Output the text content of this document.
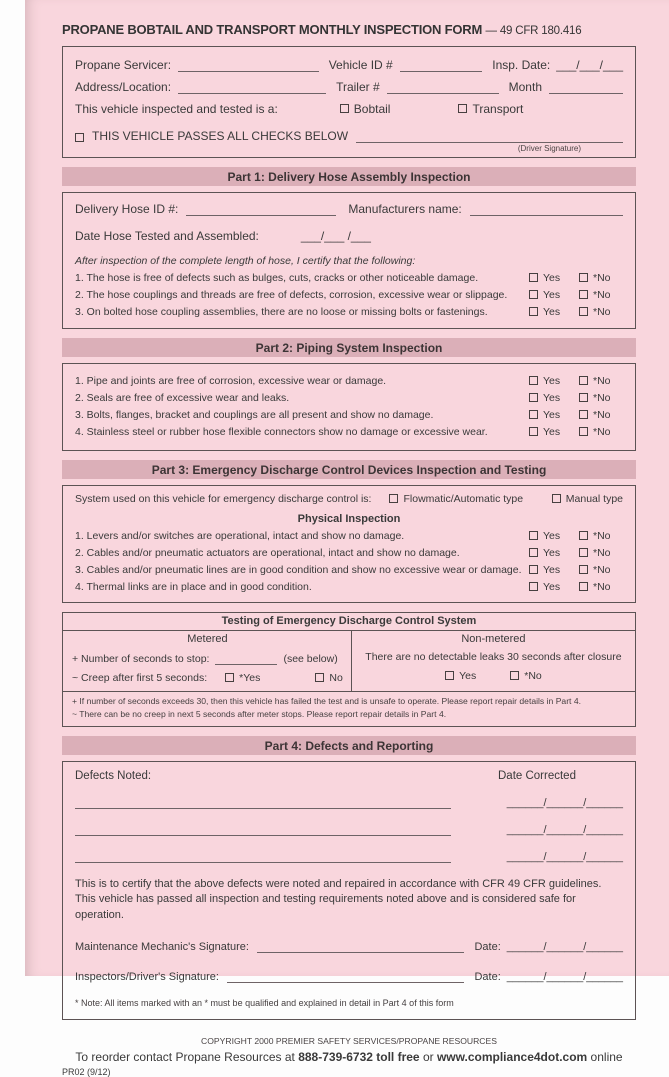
PROPANE BOBTAIL AND TRANSPORT MONTHLY INSPECTION FORM — 49 CFR 180.416
Propane Servicer:	Vehicle ID #	Insp. Date: ___/___/___
Address/Location:	Trailer #	Month
This vehicle inspected and tested is a:	Bobtail	Transport
THIS VEHICLE PASSES ALL CHECKS BELOW
(Driver Signature)
Part 1: Delivery Hose Assembly Inspection
Delivery Hose ID #:	Manufacturers name:
Date Hose Tested and Assembled:	___/___ /___
After inspection of the complete length of hose, I certify that the following:
1. The hose is free of defects such as bulges, cuts, cracks or other noticeable damage.	Yes	*No
2. The hose couplings and threads are free of defects, corrosion, excessive wear or slippage.	Yes	*No
3. On bolted hose coupling assemblies, there are no loose or missing bolts or fastenings.	Yes	*No
Part 2: Piping System Inspection
1. Pipe and joints are free of corrosion, excessive wear or damage.	Yes	*No
2. Seals are free of excessive wear and leaks.	Yes	*No
3. Bolts, flanges, bracket and couplings are all present and show no damage.	Yes	*No
4. Stainless steel or rubber hose flexible connectors show no damage or excessive wear.	Yes	*No
Part 3: Emergency Discharge Control Devices Inspection and Testing
System used on this vehicle for emergency discharge control is:	Flowmatic/Automatic type	Manual type
Physical Inspection
1. Levers and/or switches are operational, intact and show no damage.	Yes	*No
2. Cables and/or pneumatic actuators are operational, intact and show no damage.	Yes	*No
3. Cables and/or pneumatic lines are in good condition and show no excessive wear or damage.	Yes	*No
4. Thermal links are in place and in good condition.	Yes	*No
Testing of Emergency Discharge Control System
Metered
+ Number of seconds to stop:	(see below)
~ Creep after first 5 seconds:	*Yes	No
Non-metered
There are no detectable leaks 30 seconds after closure
Yes	*No
+ If number of seconds exceeds 30, then this vehicle has failed the test and is unsafe to operate. Please report repair details in Part 4.
~ There can be no creep in next 5 seconds after meter stops. Please report repair details in Part 4.
Part 4: Defects and Reporting
Defects Noted:	Date Corrected
______/______/______
______/______/______
______/______/______
This is to certify that the above defects were noted and repaired in accordance with CFR 49 CFR guidelines. This vehicle has passed all inspection and testing requirements noted above and is considered safe for operation.
Maintenance Mechanic's Signature:	Date: ______/______/______
Inspectors/Driver's Signature:	Date: ______/______/______
* Note: All items marked with an * must be qualified and explained in detail in Part 4 of this form
COPYRIGHT 2000 PREMIER SAFETY SERVICES/PROPANE RESOURCES
To reorder contact Propane Resources at 888-739-6732 toll free or www.compliance4dot.com online
PR02 (9/12)
